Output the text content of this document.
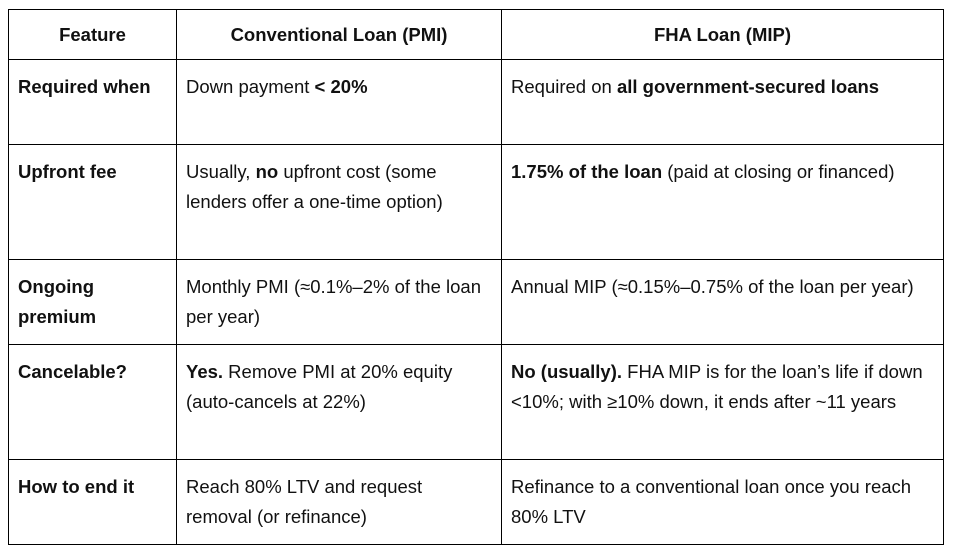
Feature	Conventional Loan (PMI)	FHA Loan (MIP)
Required when	Down payment < 20%	Required on all government-secured loans
Upfront fee	Usually, no upfront cost (some lenders offer a one-time option)	1.75% of the loan (paid at closing or financed)
Ongoing premium	Monthly PMI (≈0.1%–2% of the loan per year)	Annual MIP (≈0.15%–0.75% of the loan per year)
Cancelable?	Yes. Remove PMI at 20% equity (auto-cancels at 22%)	No (usually). FHA MIP is for the loan’s life if down <10%; with ≥10% down, it ends after ~11 years
How to end it	Reach 80% LTV and request removal (or refinance)	Refinance to a conventional loan once you reach 80% LTV
